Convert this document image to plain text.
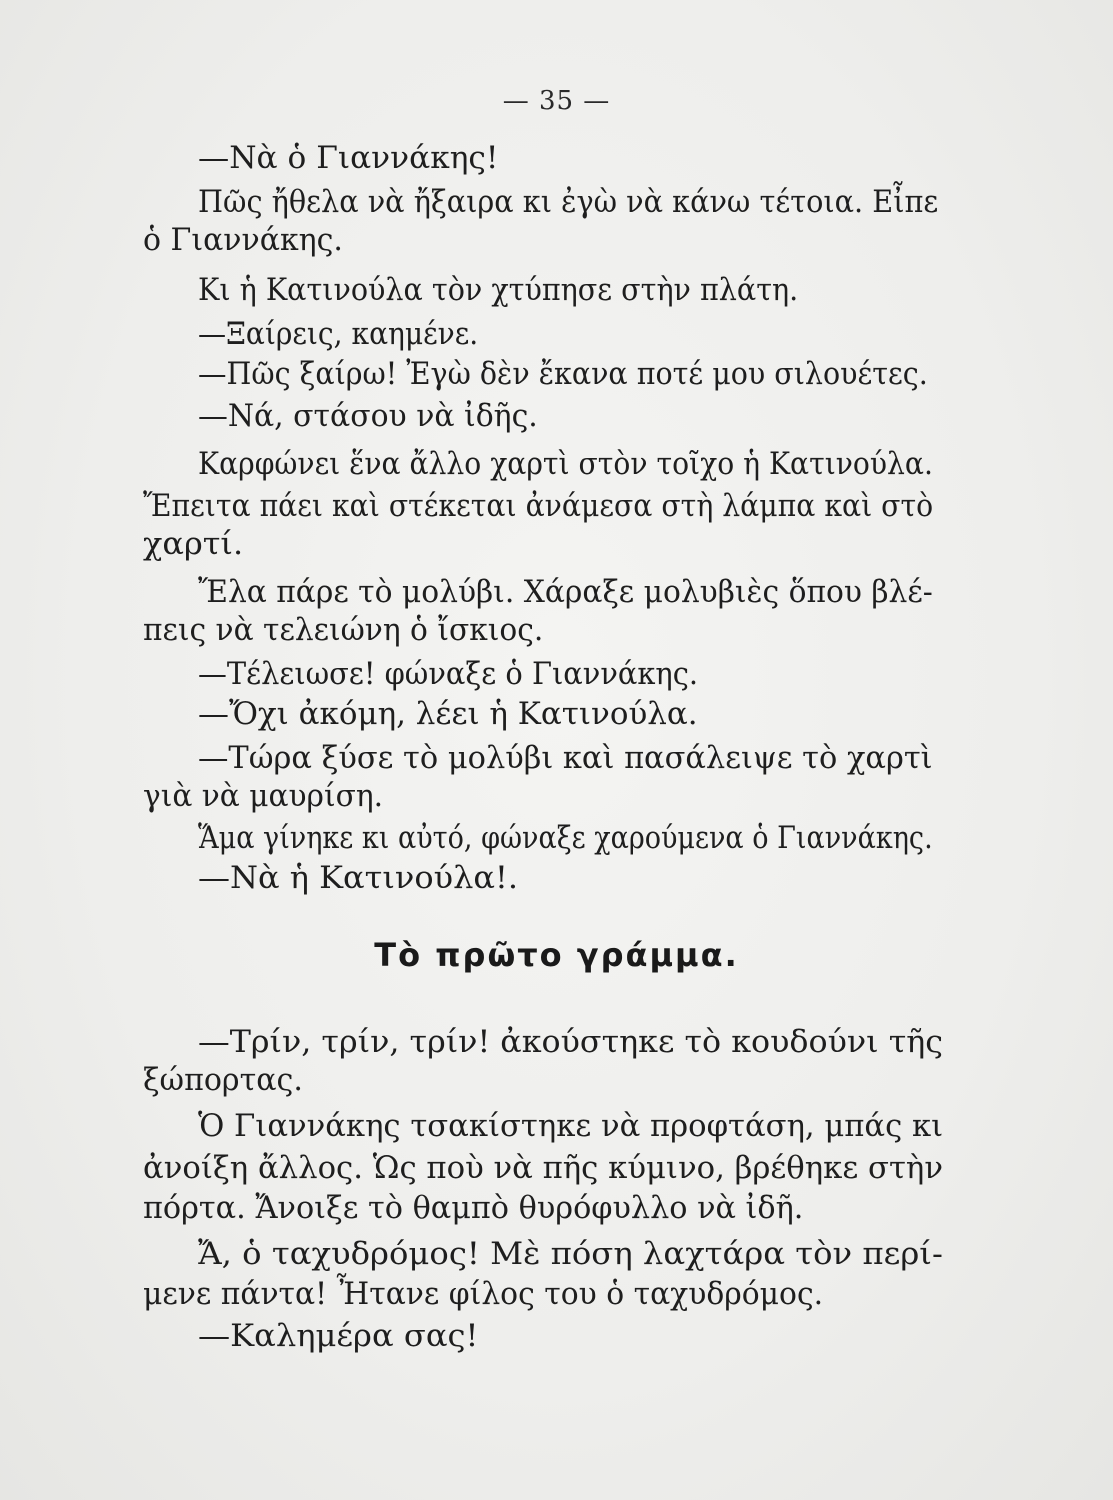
— 35 —
—Νὰ ὁ Γιαννάκης!
Πῶς ἤθελα νὰ ἤξαιρα κι ἐγὼ νὰ κάνω τέτοια. Εἶπε
ὁ Γιαννάκης.
Κι ἡ Κατινούλα τὸν χτύπησε στὴν πλάτη.
—Ξαίρεις, καημένε.
—Πῶς ξαίρω! Ἐγὼ δὲν ἔκανα ποτέ μου σιλουέτες.
—Νά, στάσου νὰ ἰδῆς.
Καρφώνει ἕνα ἄλλο χαρτὶ στὸν τοῖχο ἡ Κατινούλα.
Ἔπειτα πάει καὶ στέκεται ἀνάμεσα στὴ λάμπα καὶ στὸ
χαρτί.
Ἔλα πάρε τὸ μολύβι. Χάραξε μολυβιὲς ὅπου βλέ-
πεις νὰ τελειώνη ὁ ἴσκιος.
—Τέλειωσε! φώναξε ὁ Γιαννάκης.
—Ὄχι ἀκόμη, λέει ἡ Κατινούλα.
—Τώρα ξύσε τὸ μολύβι καὶ πασάλειψε τὸ χαρτὶ
γιὰ νὰ μαυρίση.
Ἅμα γίνηκε κι αὐτό, φώναξε χαρούμενα ὁ Γιαννάκης.
—Νὰ ἡ Κατινούλα!.
Τὸ πρῶτο γράμμα.
—Τρίν, τρίν, τρίν! ἀκούστηκε τὸ κουδούνι τῆς
ξώπορτας.
Ὁ Γιαννάκης τσακίστηκε νὰ προφτάση, μπάς κι
ἀνοίξη ἄλλος. Ὡς ποὺ νὰ πῆς κύμινο, βρέθηκε στὴν
πόρτα. Ἄνοιξε τὸ θαμπὸ θυρόφυλλο νὰ ἰδῆ.
Ἄ, ὁ ταχυδρόμος! Μὲ πόση λαχτάρα τὸν περί-
μενε πάντα! Ἦτανε φίλος του ὁ ταχυδρόμος.
—Καλημέρα σας!
